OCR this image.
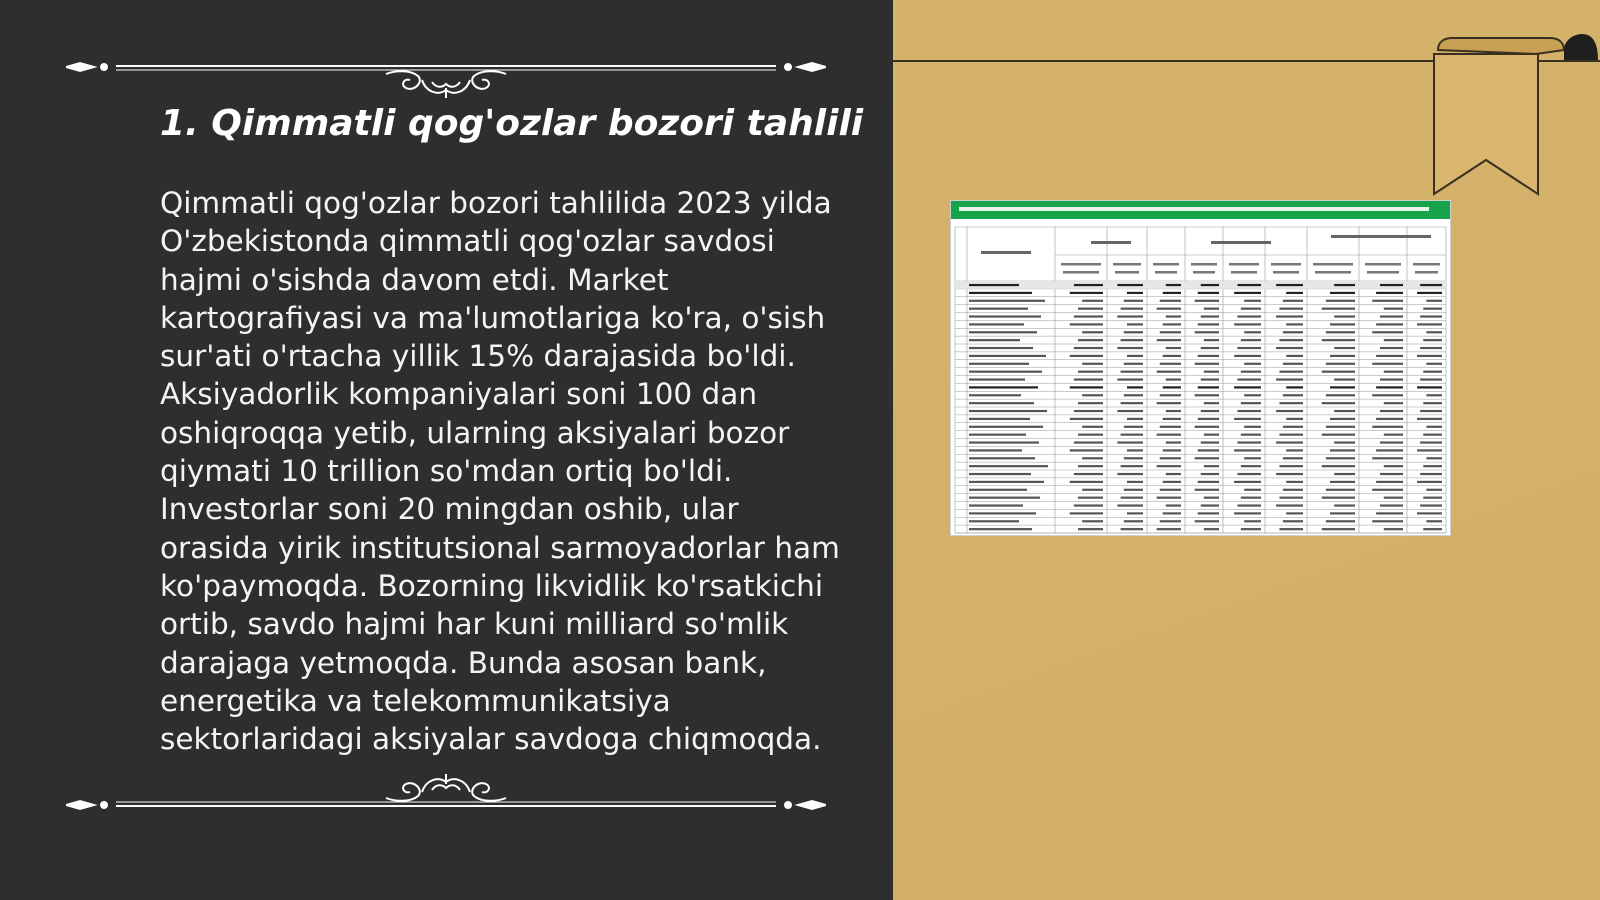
1. Qimmatli qog'ozlar bozori tahlili
Qimmatli qog'ozlar bozori tahlilida 2023 yilda O'zbekistonda qimmatli qog'ozlar savdosi hajmi o'sishda davom etdi. Market kartografiyasi va ma'lumotlariga ko'ra, o'sish sur'ati o'rtacha yillik 15% darajasida bo'ldi. Aksiyadorlik kompaniyalari soni 100 dan oshiqroqqa yetib, ularning aksiyalari bozor qiymati 10 trillion so'mdan ortiq bo'ldi. Investorlar soni 20 mingdan oshib, ular orasida yirik institutsional sarmoyadorlar ham ko'paymoqda. Bozorning likvidlik ko'rsatkichi ortib, savdo hajmi har kuni milliard so'mlik darajaga yetmoqda. Bunda asosan bank, energetika va telekommunikatsiya sektorlaridagi aksiyalar savdoga chiqmoqda.
